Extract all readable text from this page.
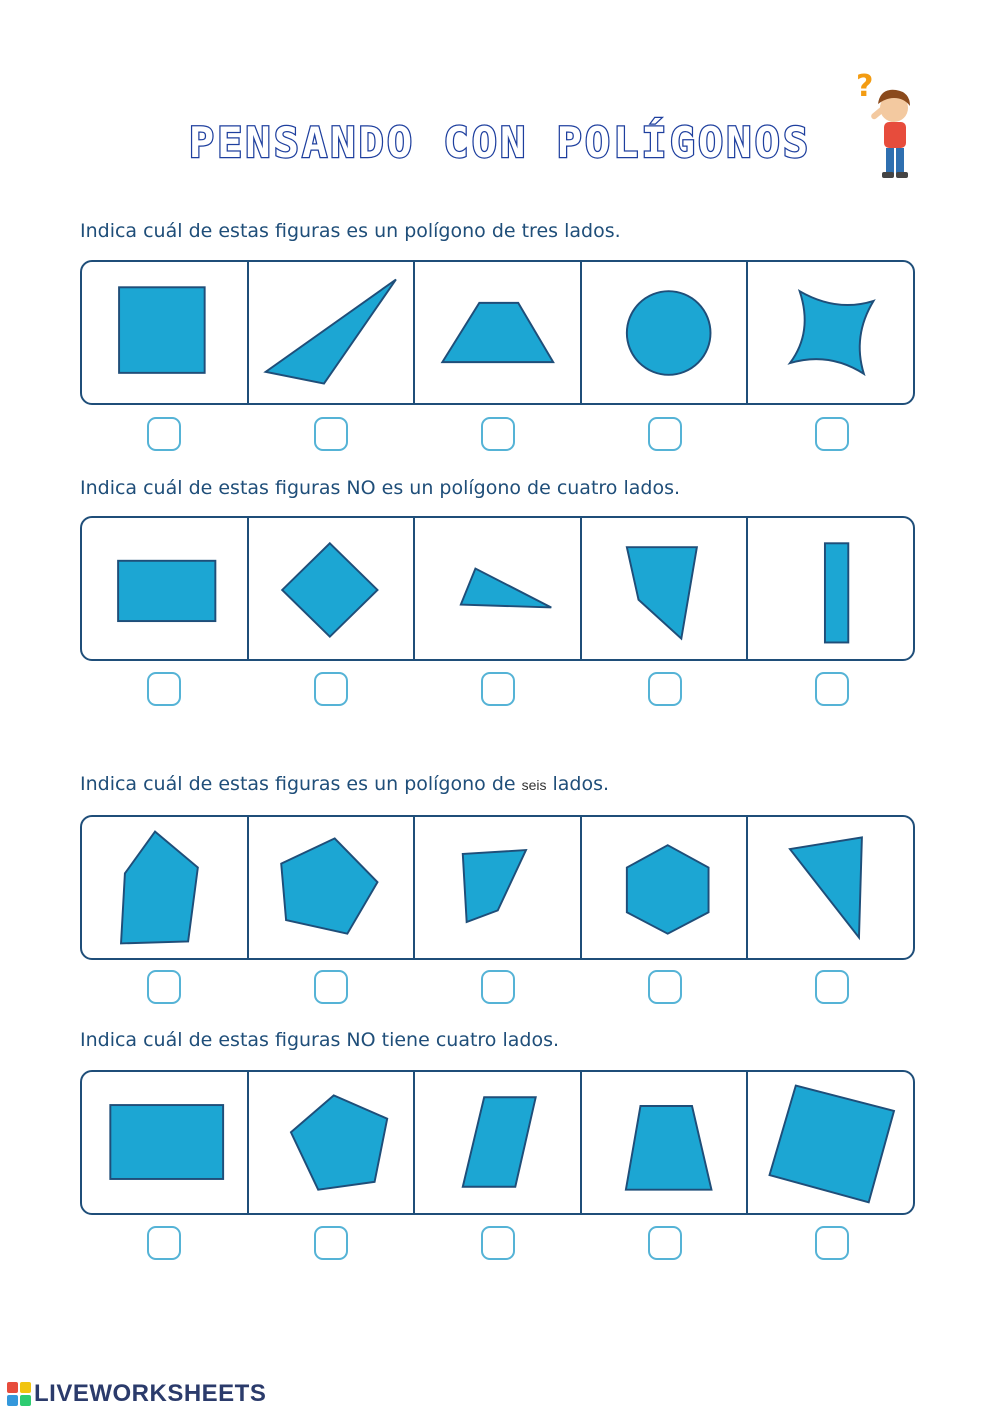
PENSANDO CON POLÍGONOS
?
Indica cuál de estas figuras es un polígono de tres lados.
Indica cuál de estas figuras NO es un polígono de cuatro lados.
Indica cuál de estas figuras es un polígono de seis lados.
Indica cuál de estas figuras NO tiene cuatro lados.
LIVEWORKSHEETS
